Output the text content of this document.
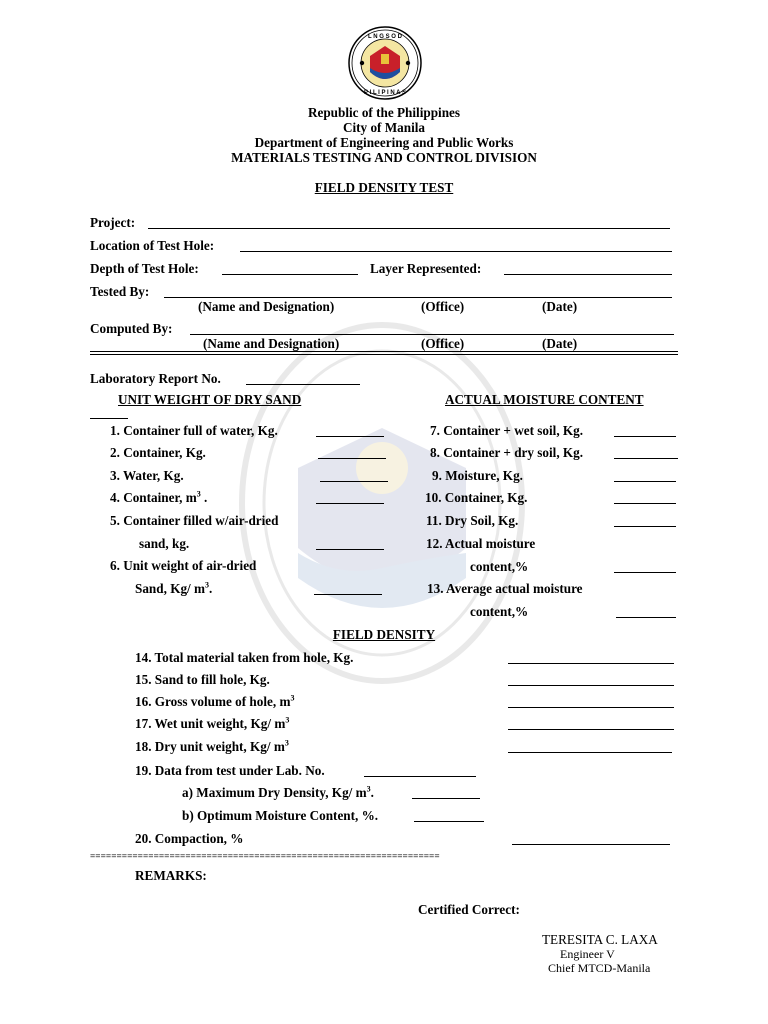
L N G S O D
P I L I P I N A S
Republic of the Philippines
City of Manila
Department of Engineering and Public Works
MATERIALS TESTING AND CONTROL DIVISION
FIELD DENSITY TEST
Project:
Location of Test Hole:
Depth of Test Hole:	Layer Represented:
Tested By:
(Name and Designation)	(Office)	(Date)
Computed By:
(Name and Designation)	(Office)	(Date)
Laboratory Report No.
UNIT WEIGHT OF DRY SAND	ACTUAL MOISTURE CONTENT
1. Container full of water, Kg.
2. Container, Kg.
3. Water, Kg.
4. Container, $m^3$ .
5. Container filled w/air-dried
sand, kg.
6. Unit weight of air-dried
Sand, Kg/ $m^3$.
7. Container + wet soil, Kg.
8. Container + dry soil, Kg.
9. Moisture, Kg.
10. Container, Kg.
11. Dry Soil, Kg.
12. Actual moisture
content,%
13. Average actual moisture
content,%
FIELD DENSITY
14. Total material taken from hole, Kg.
15. Sand to fill hole, Kg.
16. Gross volume of hole, $m^3$
17. Wet unit weight, Kg/ $m^3$
18. Dry unit weight, Kg/ $m^3$
19. Data from test under Lab. No.
a) Maximum Dry Density, Kg/ $m^3$.
b) Optimum Moisture Content, %.
20. Compaction, %
==================================================================
REMARKS:
Certified Correct:
TERESITA C. LAXA
Engineer V
Chief MTCD-Manila
